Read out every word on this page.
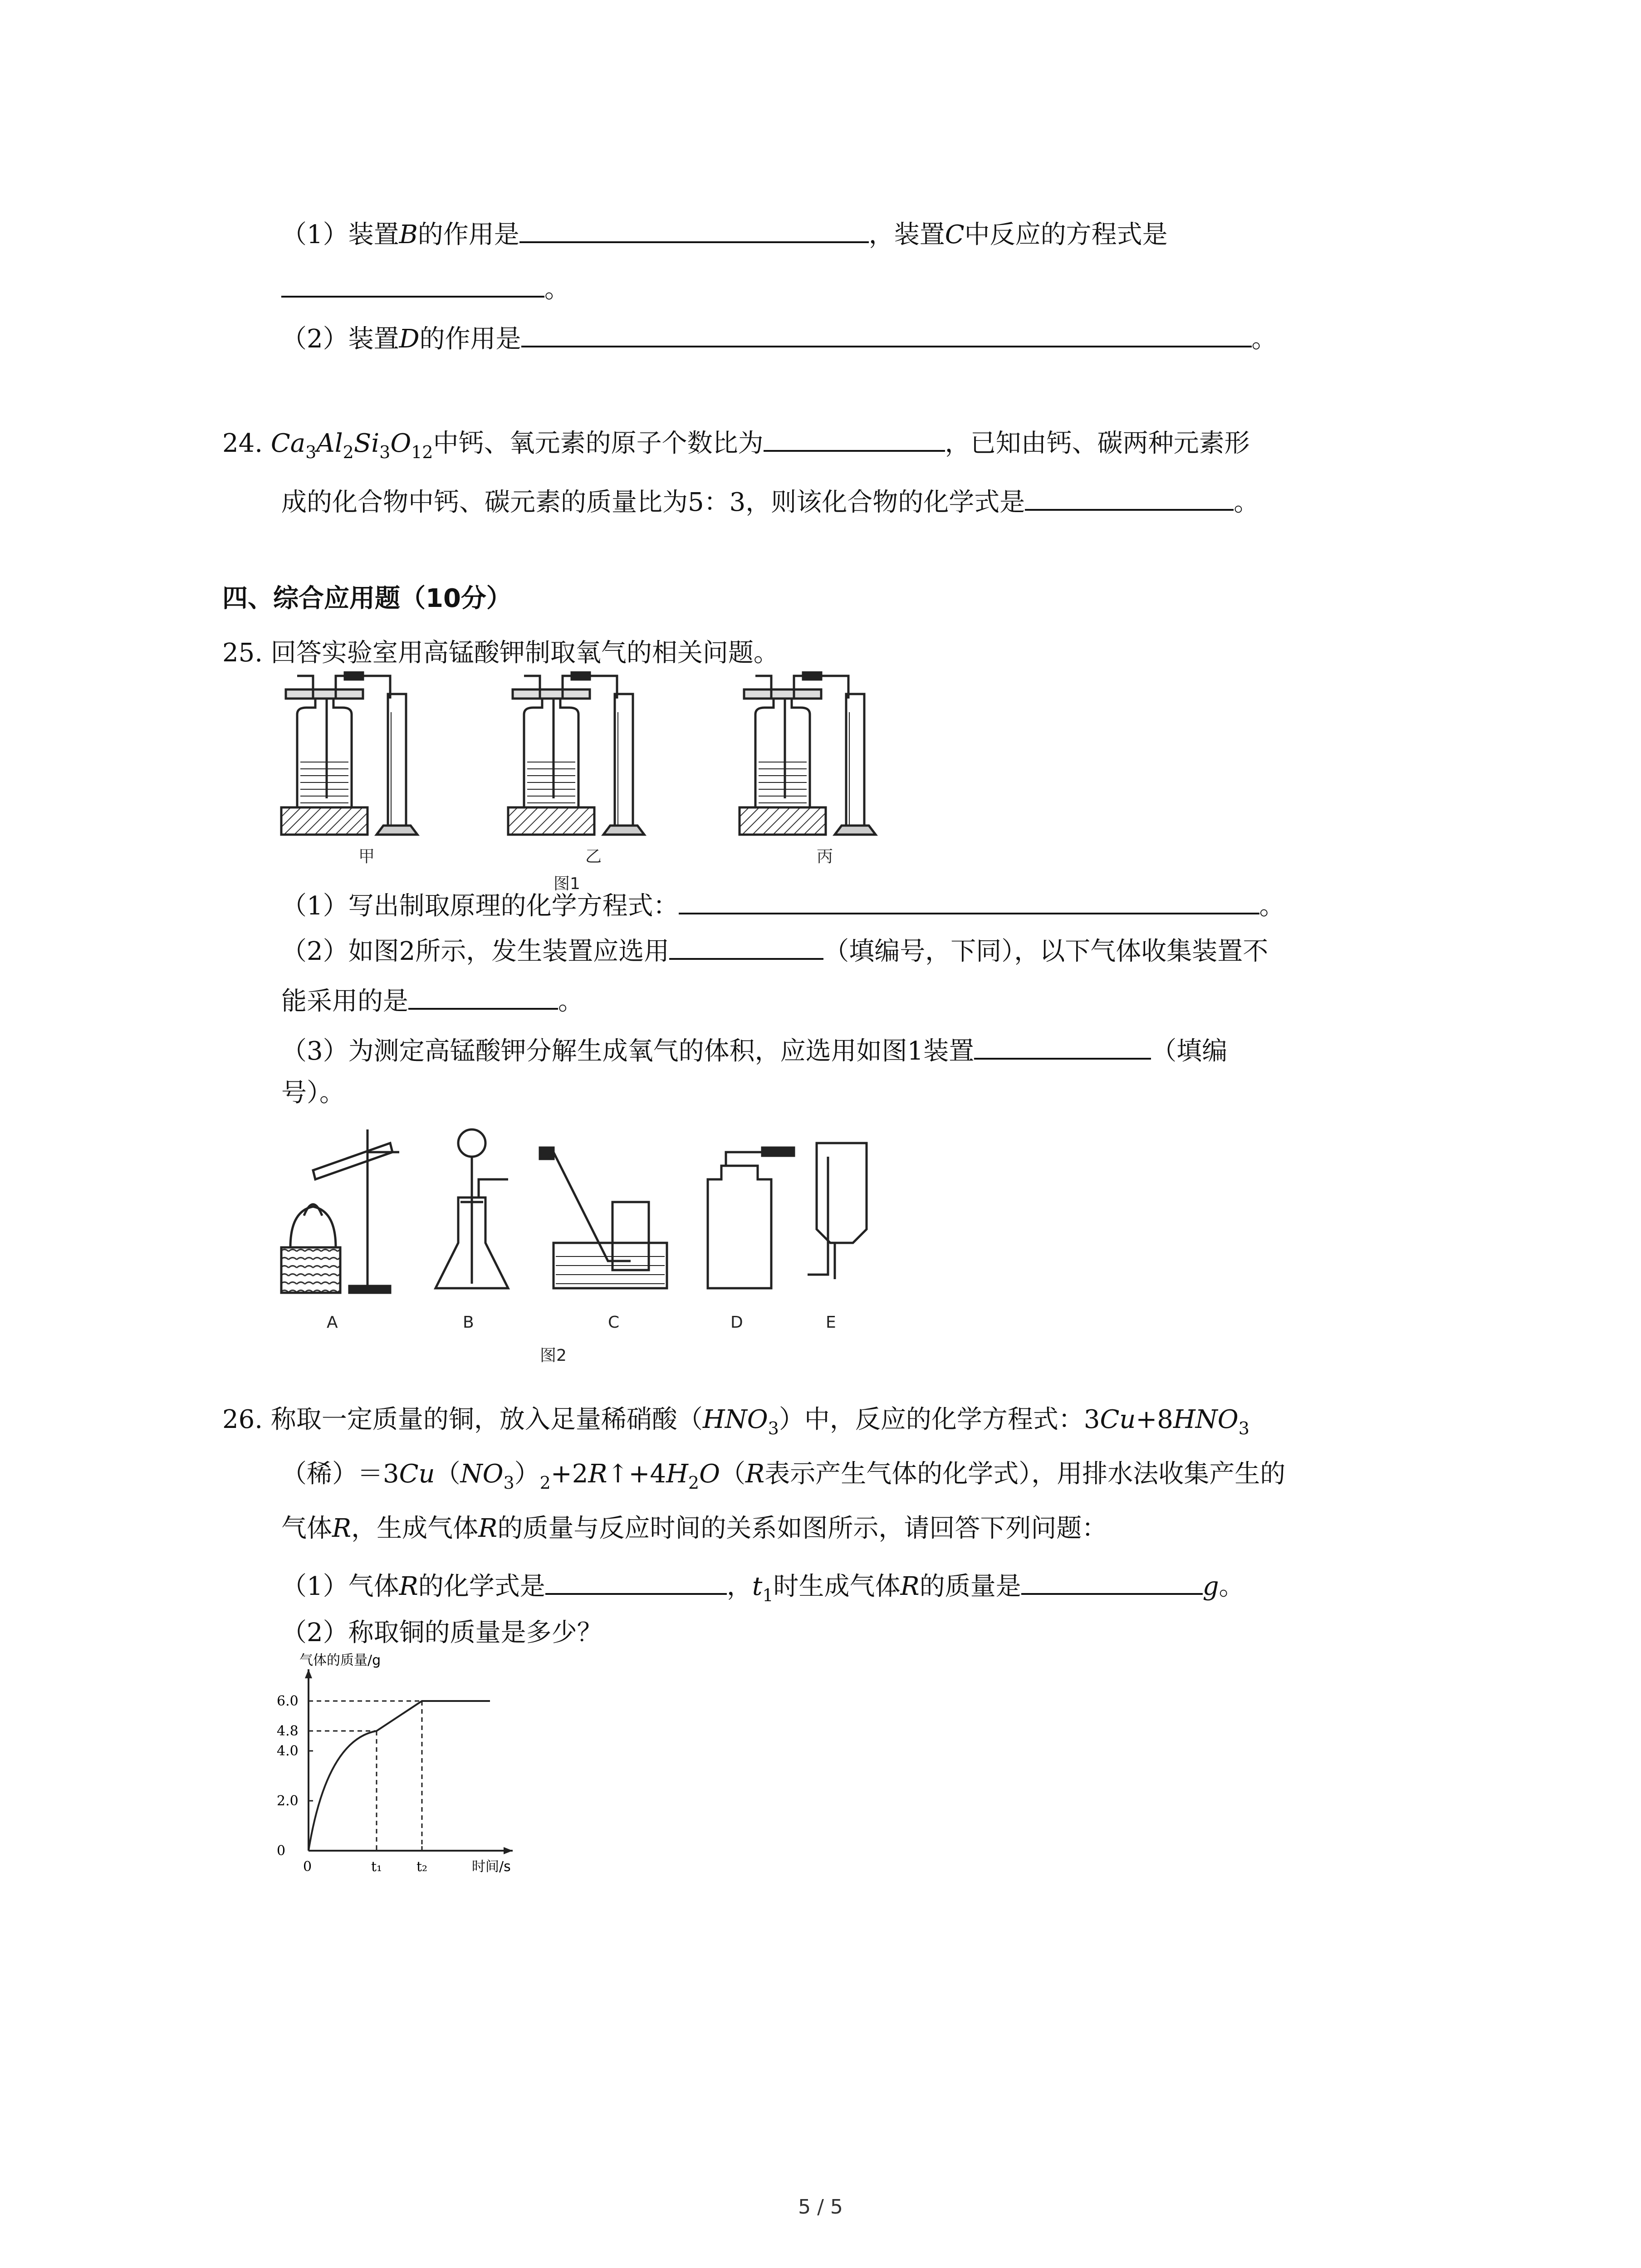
（1）装置B的作用是	，装置C中反应的方程式是
。
（2）装置D的作用是	。
24. $Ca_3Al_2Si_3O_{12}$中钙、氧元素的原子个数比为	，已知由钙、碳两种元素形
成的化合物中钙、碳元素的质量比为5：3，则该化合物的化学式是	。
四、综合应用题（10分）
25. 回答实验室用高锰酸钾制取氧气的相关问题。
甲	乙	丙
图1
（1）写出制取原理的化学方程式：	。
（2）如图2所示，发生装置应选用	（填编号，下同），以下气体收集装置不
能采用的是	。
（3）为测定高锰酸钾分解生成氧气的体积，应选用如图1装置	（填编
号）。
A	B	C	D	E
图2
26. 称取一定质量的铜，放入足量稀硝酸$(HNO_3)$中，反应的化学方程式：$3Cu+8HNO_3$
（稀）$=3Cu(NO_3)_2+2R↑+4H_2O(R$表示产生气体的化学式），用排水法收集产生的
气体R，生成气体R的质量与反应时间的关系如图所示，请回答下列问题：
（1）气体R的化学式是	，$t_1$时生成气体R的质量是	g。
（2）称取铜的质量是多少？
气体的质量/g
时间/s
6.0
4.8
4.0
2.0
0
0	t₁	t₂
5 / 5
